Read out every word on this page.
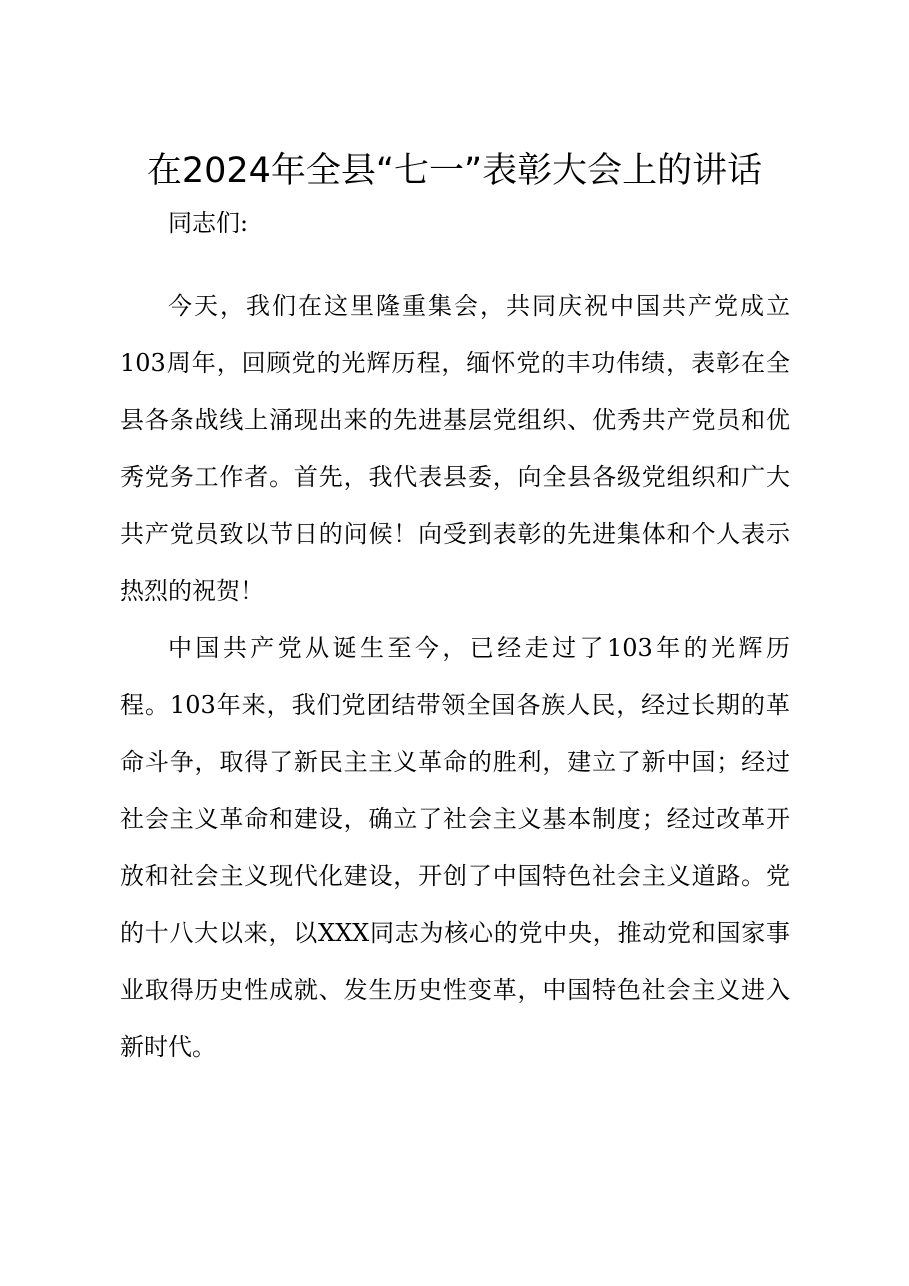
在2024年全县“七一”表彰大会上的讲话
同志们:
今天，我们在这里隆重集会，共同庆祝中国共产党成立
103周年，回顾党的光辉历程，缅怀党的丰功伟绩，表彰在全
县各条战线上涌现出来的先进基层党组织、优秀共产党员和优
秀党务工作者。首先，我代表县委，向全县各级党组织和广大
共产党员致以节日的问候！向受到表彰的先进集体和个人表示
热烈的祝贺！
中国共产党从诞生至今，已经走过了103年的光辉历
程。103年来，我们党团结带领全国各族人民，经过长期的革
命斗争，取得了新民主主义革命的胜利，建立了新中国；经过
社会主义革命和建设，确立了社会主义基本制度；经过改革开
放和社会主义现代化建设，开创了中国特色社会主义道路。党
的十八大以来，以XXX同志为核心的党中央，推动党和国家事
业取得历史性成就、发生历史性变革，中国特色社会主义进入
新时代。
